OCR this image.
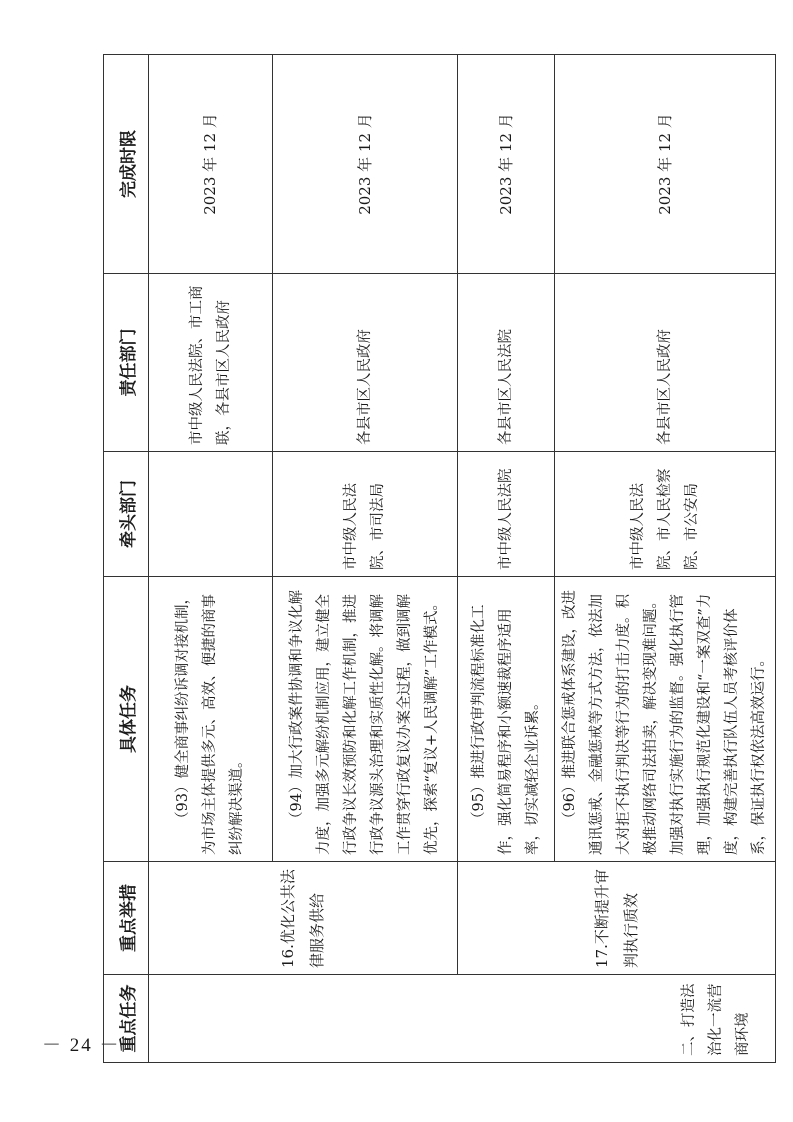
－ 24 －
重点任务	重点举措	具体任务	牵头部门	责任部门	完成时限
二、打造法治化一流营商环境	16.优化公共法律服务供给	（93）健全商事纠纷诉调对接机制，为市场主体提供多元、高效、便捷的商事纠纷解决渠道。		市中级人民法院、市工商联，各县市区人民政府	2023 年 12 月
		（94）加大行政案件协调和争议化解力度，加强多元解纷机制应用，建立健全行政争议长效预防和化解工作机制，推进行政争议源头治理和实质性化解。将调解工作贯穿行政复议办案全过程，做到调解优先，探索“复议+人民调解”工作模式。	市中级人民法院、市司法局	各县市区人民政府	2023 年 12 月
	17.不断提升审判执行质效	（95）推进行政审判流程标准化工作，强化简易程序和小额速裁程序适用率，切实减轻企业诉累。	市中级人民法院	各县市区人民法院	2023 年 12 月
		（96）推进联合惩戒体系建设，改进通讯惩戒、金融惩戒等方式方法，依法加大对拒不执行判决等行为的打击力度。积极推动网络司法拍卖，解决变现难问题。加强对执行实施行为的监督。强化执行管理，加强执行规范化建设和“一案双查”力度，构建完善执行队伍人员考核评价体系，保证执行权依法高效运行。	市中级人民法院、市人民检察院、市公安局	各县市区人民政府	2023 年 12 月
